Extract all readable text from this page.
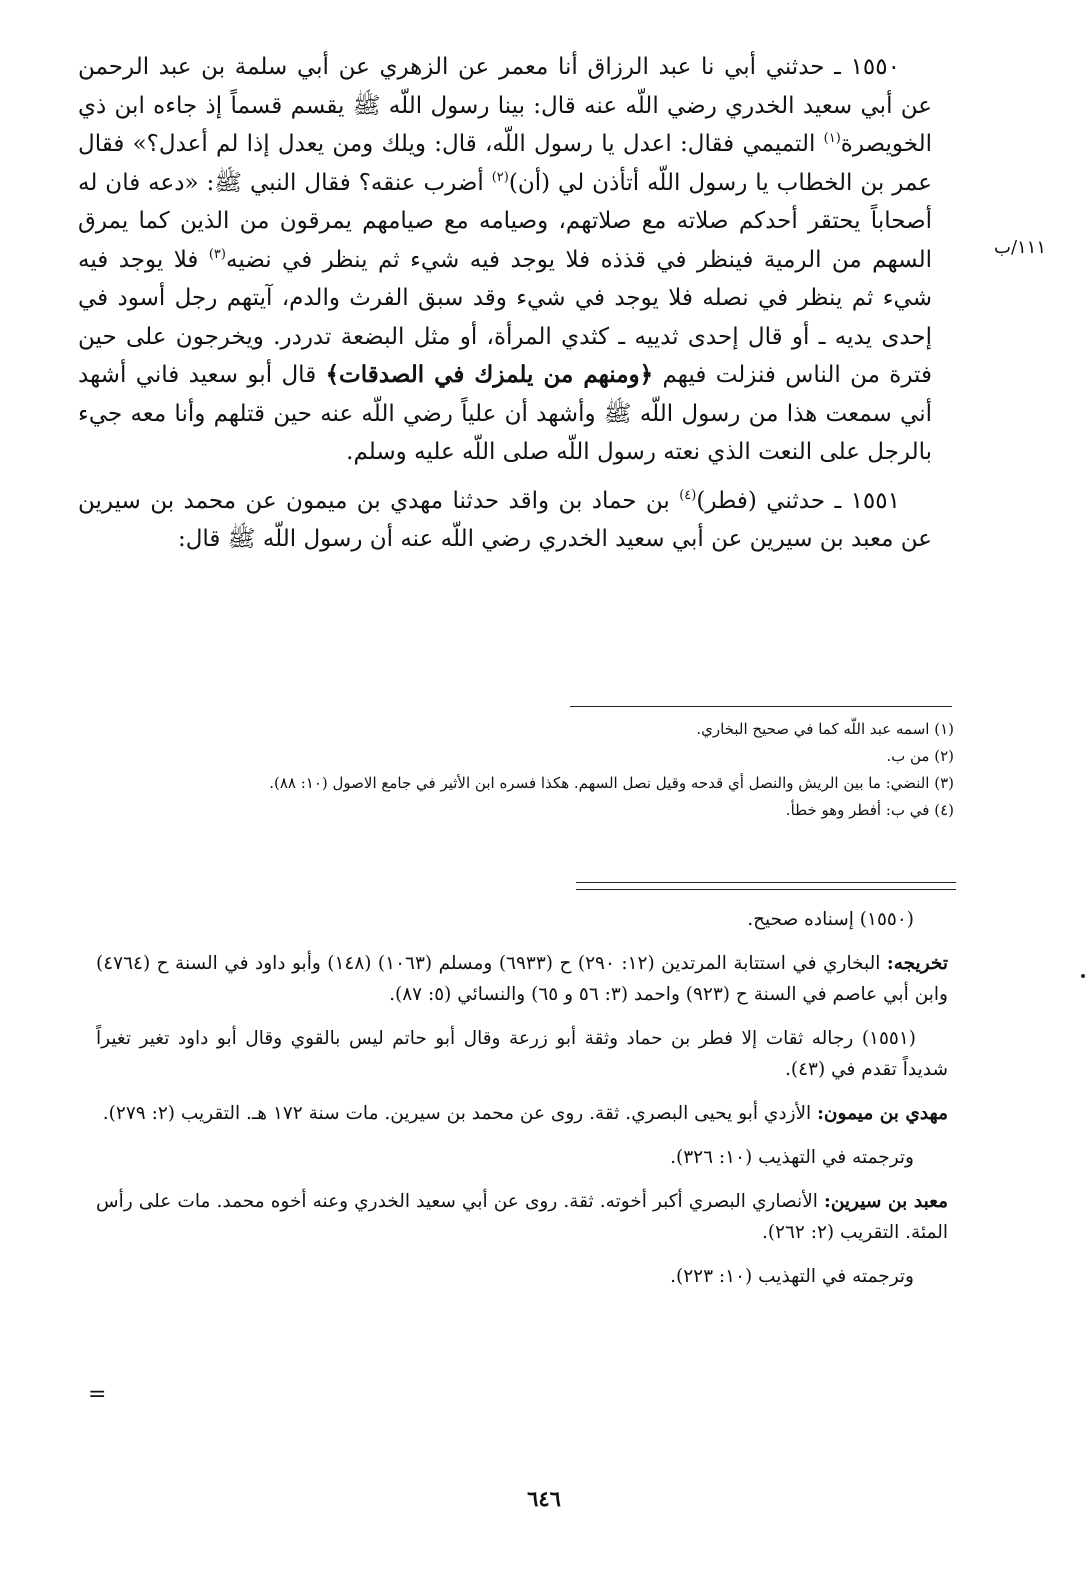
١٥٥٠ ـ حدثني أبي نا عبد الرزاق أنا معمر عن الزهري عن أبي سلمة بن عبد الرحمن عن أبي سعيد الخدري رضي اللّه عنه قال: بينا رسول اللّه ﷺ يقسم قسماً إذ جاءه ابن ذي الخويصرة$^{(١)}$ التميمي فقال: اعدل يا رسول اللّه، قال: ويلك ومن يعدل إذا لم أعدل؟» فقال عمر بن الخطاب يا رسول اللّه أتأذن لي (أن)$^{(٢)}$ أضرب عنقه؟ فقال النبي ﷺ: «دعه فان له أصحاباً يحتقر أحدكم صلاته مع صلاتهم، وصيامه مع صيامهم يمرقون من الذين كما يمرق السهم من الرمية فينظر في قذذه فلا يوجد فيه شيء ثم ينظر في نضيه$^{(٣)}$ فلا يوجد فيه شيء ثم ينظر في نصله فلا يوجد في شيء وقد سبق الفرث والدم، آيتهم رجل أسود في إحدى يديه ـ أو قال إحدى ثدييه ـ كثدي المرأة، أو مثل البضعة تدردر. ويخرجون على حين فترة من الناس فنزلت فيهم ﴿ومنهم من يلمزك في الصدقات﴾ قال أبو سعيد فاني أشهد أني سمعت هذا من رسول اللّه ﷺ وأشهد أن علياً رضي اللّه عنه حين قتلهم وأنا معه جيء بالرجل على النعت الذي نعته رسول اللّه صلى اللّه عليه وسلم.

١٥٥١ ـ حدثني (فطر)$^{(٤)}$ بن حماد بن واقد حدثنا مهدي بن ميمون عن محمد بن سيرين عن معبد بن سيرين عن أبي سعيد الخدري رضي اللّه عنه أن رسول اللّه ﷺ قال:

١١١/ب
(١) اسمه عبد اللّه كما في صحيح البخاري.
(٢) من ب.
(٣) النضي: ما بين الريش والنصل أي قدحه وقيل نصل السهم. هكذا فسره ابن الأثير في جامع الاصول (١٠: ٨٨).
(٤) في ب: أفطر وهو خطأ.

(١٥٥٠) إسناده صحيح.

تخريجه: البخاري في استتابة المرتدين (١٢: ٢٩٠) ح (٦٩٣٣) ومسلم (١٠٦٣) (١٤٨) وأبو داود في السنة ح (٤٧٦٤) وابن أبي عاصم في السنة ح (٩٢٣) واحمد (٣: ٥٦ و ٦٥) والنسائي (٥: ٨٧).

(١٥٥١) رجاله ثقات إلا فطر بن حماد وثقة أبو زرعة وقال أبو حاتم ليس بالقوي وقال أبو داود تغير تغيراً شديداً تقدم في (٤٣).

مهدي بن ميمون: الأزدي أبو يحيى البصري. ثقة. روى عن محمد بن سيرين. مات سنة ١٧٢ هـ. التقريب (٢: ٢٧٩).

وترجمته في التهذيب (١٠: ٣٢٦).

معبد بن سيرين: الأنصاري البصري أكبر أخوته. ثقة. روى عن أبي سعيد الخدري وعنه أخوه محمد. مات على رأس المئة. التقريب (٢: ٢٦٢).

وترجمته في التهذيب (١٠: ٢٢٣).

=
٦٤٦
